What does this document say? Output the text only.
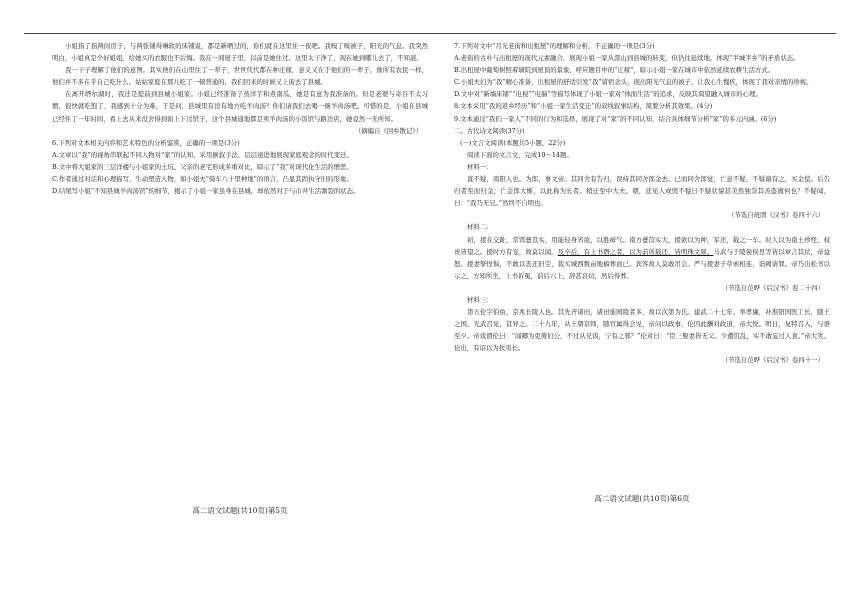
小姐指了指两间房子，与两张铺得琳软的床铺说，都是新晒过的，你们就在这里住一夜吧。我嗅了嗅被子，阳光的气息。我突然明白，小姐真是个好姐姐，给她买的衣服也不后悔。我在一间屋子里，以前是她住过。这里太干净了，现在她到哪儿去了，不知道。

我一下子理解了他们的意图。其实他们在山里住了一辈子，世世代代都在种庄稼，意义又在于他们的一辈子。像所有农民一样，他们并不多在乎自己吃什么。姑姑家庭在那儿吃了一顿普通的，我们回来的时候又上街去了县城。

在离开塔尔湖时，我还是提前到县城小姐家。小姐已经准备了蒸洋芋和煮南瓜，她是有意为我准备的。但是老婆与奇谷不太习惯，很快就吃饱了，我感到十分为难，于是问，县城里有没有地方吃羊肉汤？你们请我们去喝一碗羊肉汤吧。可惜的是，小姐在县城已经住了一年时间，看上去从来没舍得到街上下过馆子，这个县城通地都是卖羊肉汤的小饭馆与路边店，她竟然一无所知。

（摘编自《回乡散记》）

6.下列对文本相关内容和艺术特色的分析鉴赏，正确的一项是(3分)

A.文章以“我”的视角串联起不同人物对“家”的认知，采用倒叙手法，层层递进地展现家庭观念的时代变迁。

B.文中将大姐家的三层洋楼与小姐家的土坑、父亲的老宅形成多重对比，暗示了“我”对现代化生活的憎恶。

C.作者通过对话和心理描写，生动塑造人物，如小姐夫“骑车八十里种地”的语言，凸显其固执守旧的形象。

D.结尾写小姐“不知县城羊肉汤馆”的细节，揭示了小姐一家虽身在县城，却依然对于与市井生活割裂的状态。

高二语文试题(共10页)第5页

7.下列对文中“月光老街和出租屋”的理解和分析，不正确的一项是(3分)

A.老街的古朴与出租屋的现代元素融合，展现小姐一家从深山到县城的转变，但仍往延续地，体现“半城半乡”的矛盾状态。

B.出租屋中葡萄树照着墙院到屋顶的景象，呼应题目中的“庄稼”，暗示小姐一家在城市中依然延续农耕生活方式。

C.小姐夫妇为“我”精心准备，出租屋的舒适引发“我”留宿念头，现出阳光气息的被子，让我心生愧疚，体现了我对亲情的珍视。

D.文中对“新墙床铺”“电视”“电脑”等描写体现了小姐一家对“体面生活”的追求，反映其渴望融入城市的心理。

8.文本采用“我的返乡经历”和“小姐一家生活变迁”的双线叙事结构，简要分析其效果。(4分)

9.文本通过“我们一家人”不同的行为和选择，展现了对“家”的不同认知，结合具体细节分析“家”的多元内涵。(6分)

二、古代诗文阅读(37分)

(一)文言文阅读(本题共5小题，22分)

阅读下面的文言文，完成10～14题。

材料一：

直不疑，南阳人也。为郎，事文帝。其同舍有告归，误持其同舍郎金去。已而同舍郎觉，亡意不疑，不疑谢有之，买金偿。后告归者至而归金，亡金郎大惭，以此称为长者。稍迁至中大夫。朝，廷见人或毁不疑曰不疑状貌甚美然独奈其善盗嫂何也？不疑闻，曰：“我乃无兄。”然终不自明也。

（节选自班固《汉书》卷四十六）

材料二：

初，援在交趾，常饵薏苡实，用能轻身省欲，以胜瘴气。南方薏苡实大，援欲以为种，军还，载之一车。时人以为南土珍怪，权贵皆望之。援时方有宠，故莫以闻。及卒后，有上书谮之者，以为前所载还，皆明珠文犀。马武与于陵侯侯昱等皆以章言其状，帝益怒。援妻孥惶惧，不敢以丧还旧茔，裁买城西数亩地槁葬而已。宾客故人莫敢吊会。严与援妻子草索相连，诣阙请罪。帝乃出松书以示之，方知所坐，上书诉冤，前后六上，辞甚哀切，然后得葬。

（节选自范晔《后汉书》卷二十四）

材料三：

第五伦字伯鱼，京兆长陵人也。其先齐诸田，诸田徙园陵者多，故以次第为氏。建武二十七年，举孝廉，补淮阳国医工长，随王之国。光武召见，甚异之。二十九年，从王朝京师，随官属得会见，帝问以政事，伦因此酬对政道，帝大悦。明日，复特召入，与语至夕。帝戏谓伦曰：“闻卿为吏篣妇公，不过从兄饭，宁有之邪？”伦对曰：“臣三娶妻皆无父。少遭饥乱，实不敢妄过人食。”帝大笑。伦出，有诏以为扶夷长。

（节选自范晔《后汉书》卷四十一）

高二语文试题(共10页)第6页
